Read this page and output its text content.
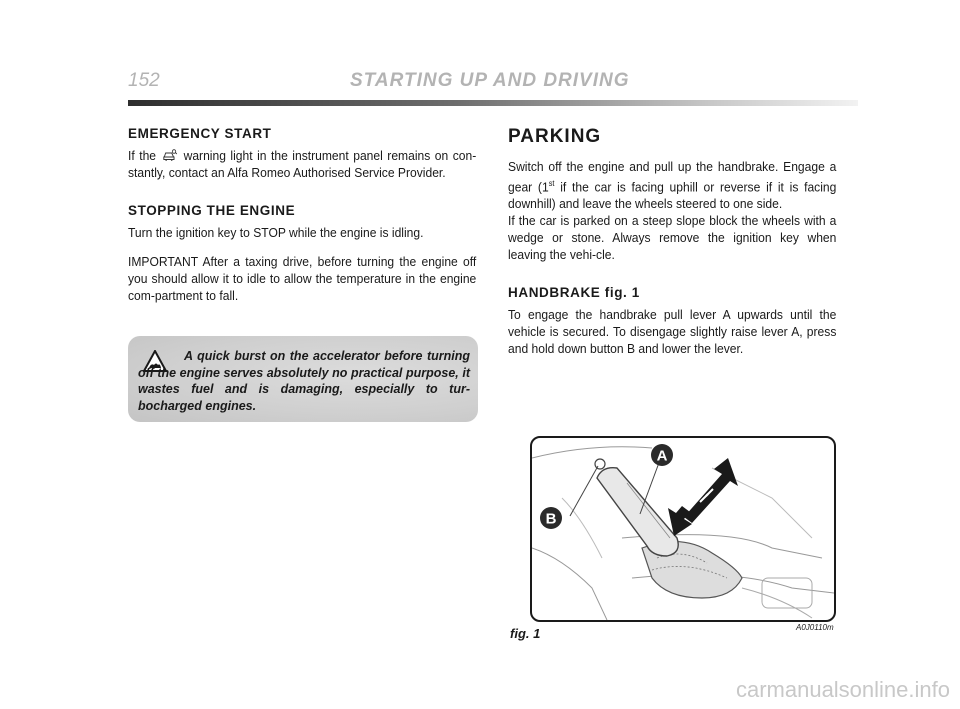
152	STARTING UP AND DRIVING
EMERGENCY START

If the warning light in the instrument panel remains on con-stantly, contact an Alfa Romeo Authorised Service Provider.

STOPPING THE ENGINE

Turn the ignition key to STOP while the engine is idling.

IMPORTANT After a taxing drive, before turning the engine off you should allow it to idle to allow the temperature in the engine com-partment to fall.

A quick burst on the accelerator before turning off the engine serves absolutely no practical purpose, it wastes fuel and is damaging, especially to tur-bocharged engines.
PARKING

Switch off the engine and pull up the handbrake. Engage a gear (1st if the car is facing uphill or reverse if it is facing downhill) and leave the wheels steered to one side.

If the car is parked on a steep slope block the wheels with a wedge or stone. Always remove the ignition key when leaving the vehi-cle.

HANDBRAKE fig. 1

To engage the handbrake pull lever A upwards until the vehicle is secured. To disengage slightly raise lever A, press and hold down button B and lower the lever.

A
B
fig. 1	A0J0110m
carmanualsonline.info
